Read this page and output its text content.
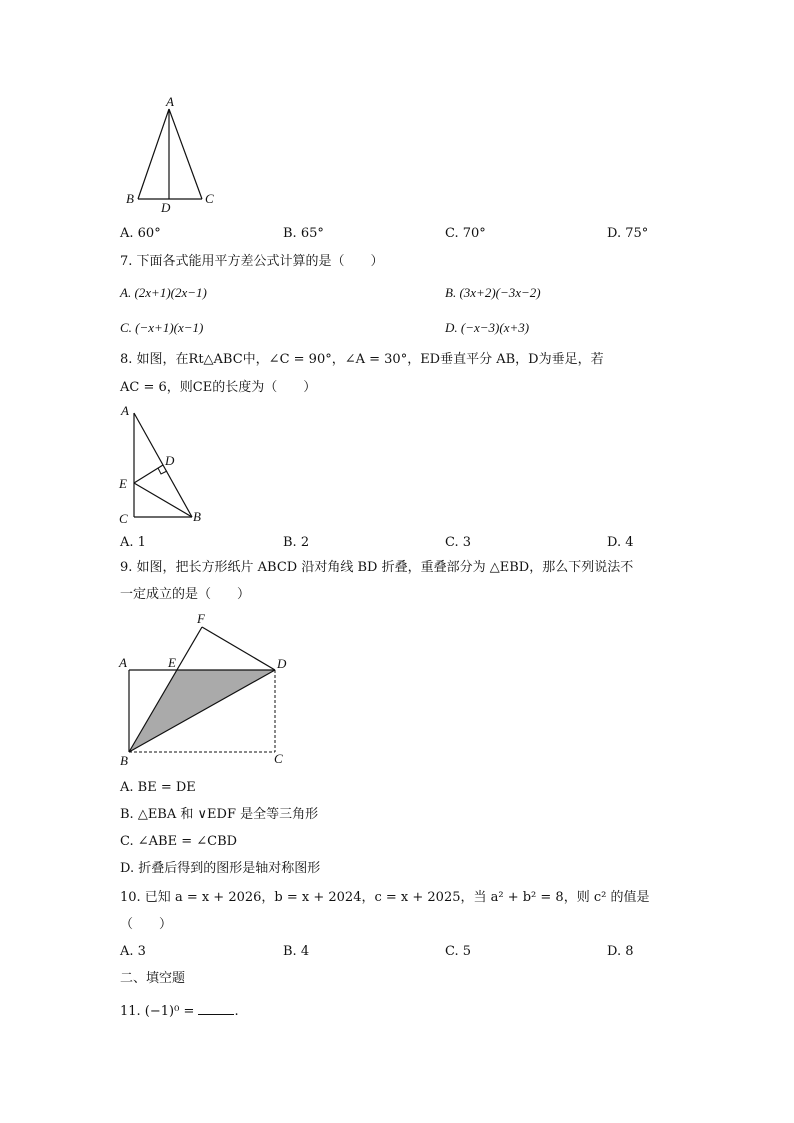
A
B	C
D
A. 60°	B. 65°	C. 70°	D. 75°
7. 下面各式能用平方差公式计算的是（　　）
A. (2x+1)(2x−1)	B. (3x+2)(−3x−2)
C. (−x+1)(x−1)	D. (−x−3)(x+3)
8. 如图，在Rt△ABC中，∠C = 90°，∠A = 30°，ED垂直平分 AB，D为垂足，若
AC = 6，则CE的长度为（　　）
A
D
E
C	B
A. 1	B. 2	C. 3	D. 4
9. 如图，把长方形纸片 ABCD 沿对角线 BD 折叠，重叠部分为 △EBD，那么下列说法不
一定成立的是（　　）
F
A	E	D
B	C
A. BE = DE
B. △EBA 和 ∨EDF 是全等三角形
C. ∠ABE = ∠CBD
D. 折叠后得到的图形是轴对称图形
10. 已知 a = x + 2026，b = x + 2024，c = x + 2025，当 a² + b² = 8，则 c² 的值是
（　　）
A. 3	B. 4	C. 5	D. 8
二、填空题
11. (−1)⁰ =	.
